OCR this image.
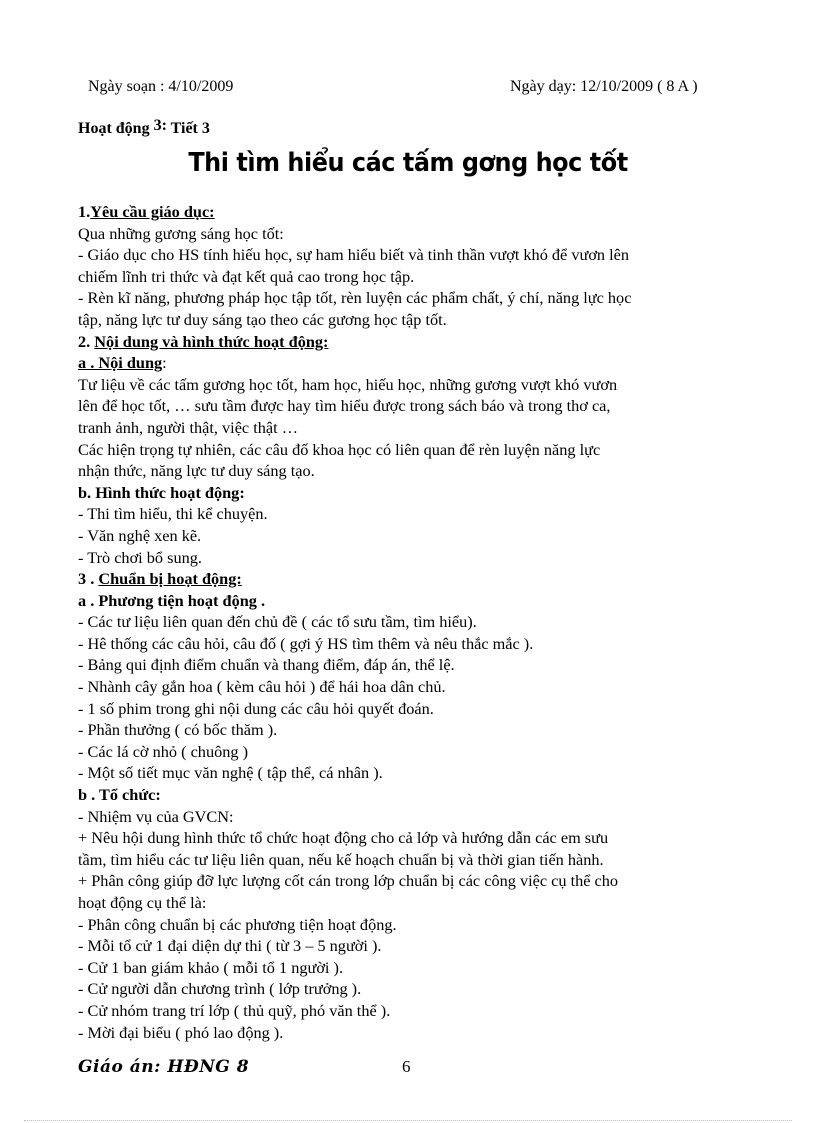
Ngày soạn : 4/10/2009	Ngày dạy: 12/10/2009 ( 8 A )
Hoạt động 3: Tiết 3
Thi tìm hiểu các tấm gơng học tốt
1.Yêu cầu giáo dục:
Qua những gương sáng học tốt:
- Giáo dục cho HS tính hiếu học, sự ham hiểu biết và tinh thần vượt khó để vươn lên
chiếm lĩnh tri thức và đạt kết quả cao trong học tập.
- Rèn kĩ năng, phương pháp học tập tốt, rèn luyện các phẩm chất, ý chí, năng lực học
tập, năng lực tư duy sáng tạo theo các gương học tập tốt.
2. Nội dung và hình thức hoạt động:
a . Nội dung:
Tư liệu về các tấm gương học tốt, ham học, hiếu học, những gương vượt khó vươn
lên để học tốt, … sưu tầm được hay tìm hiểu được trong sách báo và trong thơ ca,
tranh ảnh, người thật, việc thật …
Các hiện trọng tự nhiên, các câu đố khoa học có liên quan để rèn luyện năng lực
nhận thức, năng lực tư duy sáng tạo.
b. Hình thức hoạt động:
- Thi tìm hiểu, thi kể chuyện.
- Văn nghệ xen kẽ.
- Trò chơi bổ sung.
3 . Chuẩn bị hoạt động:
a . Phương tiện hoạt động .
- Các tư liệu liên quan đến chủ đề ( các tổ sưu tầm, tìm hiểu).
- Hê thống các câu hỏi, câu đố ( gợi ý HS tìm thêm và nêu thắc mắc ).
- Bảng qui định điểm chuẩn và thang điểm, đáp án, thể lệ.
- Nhành cây gắn hoa ( kèm câu hỏi ) để hái hoa dân chủ.
- 1 số phim trong ghi nội dung các câu hỏi quyết đoán.
- Phần thưởng ( có bốc thăm ).
- Các lá cờ nhỏ ( chuông )
- Một số tiết mục văn nghệ ( tập thể, cá nhân ).
b . Tổ chức:
- Nhiệm vụ của GVCN:
+ Nêu hội dung hình thức tổ chức hoạt động cho cả lớp và hướng dẫn các em sưu
tầm, tìm hiểu các tư liệu liên quan, nếu kế hoạch chuẩn bị và thời gian tiến hành.
+ Phân công giúp đỡ lực lượng cốt cán trong lớp chuẩn bị các công việc cụ thể cho
hoạt động cụ thể là:
- Phân công chuẩn bị các phương tiện hoạt động.
- Mỗi tổ cử 1 đại diện dự thi ( từ 3 – 5 người ).
- Cử 1 ban giám khảo ( mỗi tổ 1 người ).
- Cử người dẫn chương trình ( lớp trưởng ).
- Cử nhóm trang trí lớp ( thủ quỹ, phó văn thể ).
- Mời đại biểu ( phó lao động ).
Giáo án: HĐNG 8	6
